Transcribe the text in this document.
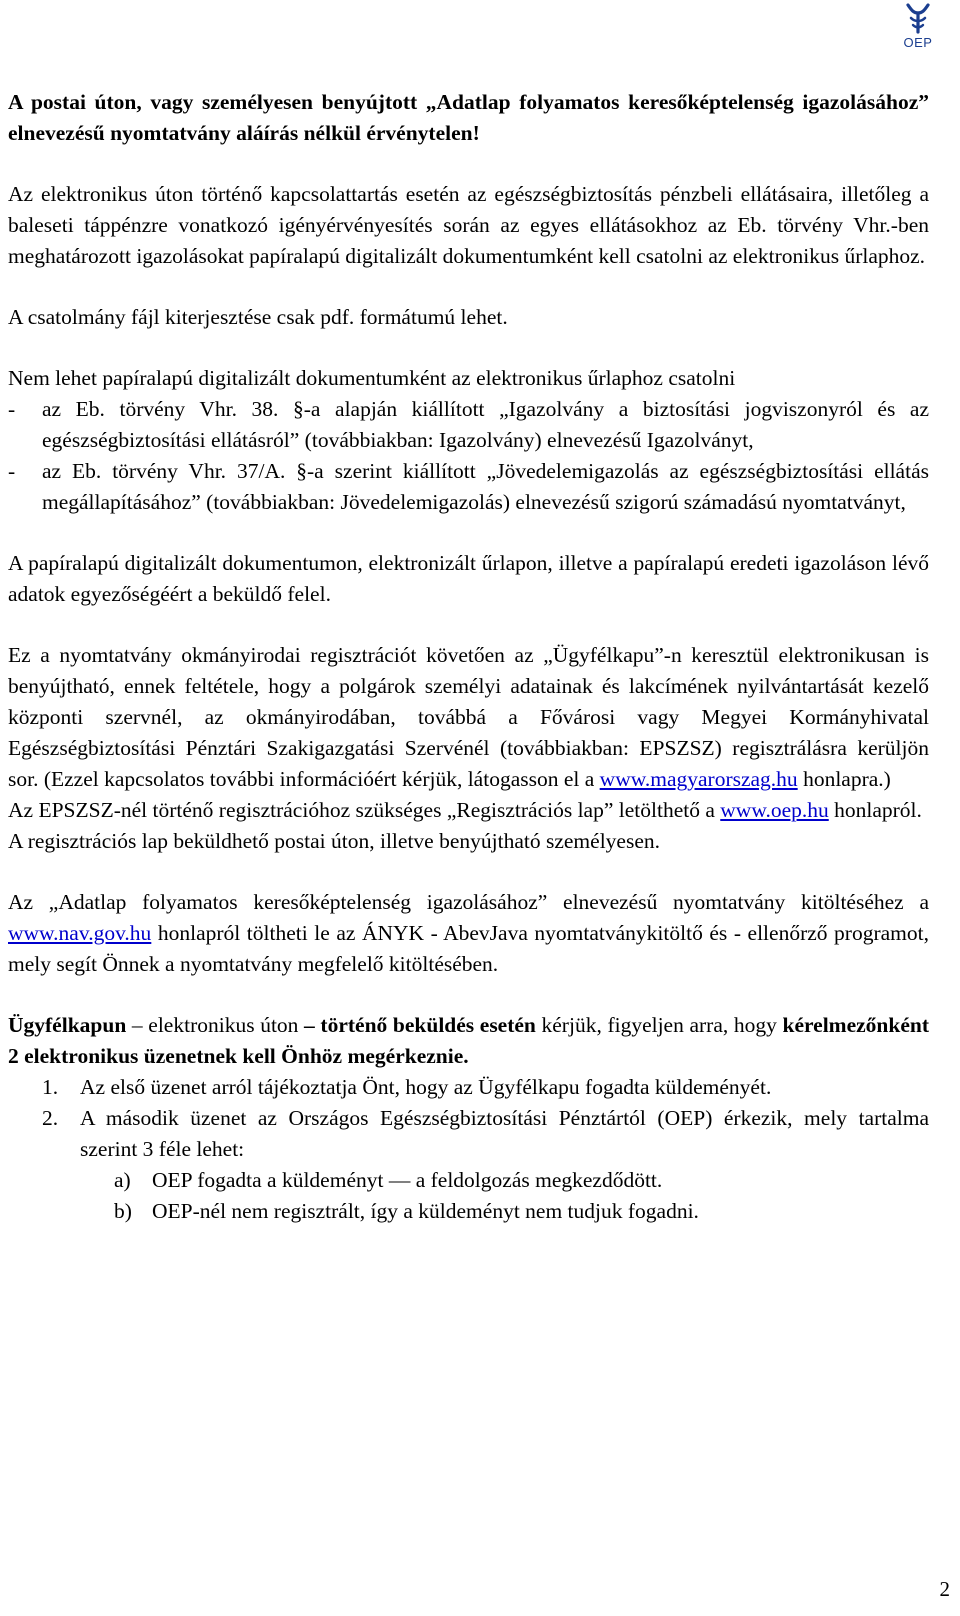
OEP

A postai úton, vagy személyesen benyújtott „Adatlap folyamatos keresőképtelenség igazolásához” elnevezésű nyomtatvány aláírás nélkül érvénytelen!

Az elektronikus úton történő kapcsolattartás esetén az egészségbiztosítás pénzbeli ellátásaira, illetőleg a baleseti táppénzre vonatkozó igényérvényesítés során az egyes ellátásokhoz az Eb. törvény Vhr.-ben meghatározott igazolásokat papíralapú digitalizált dokumentumként kell csatolni az elektronikus űrlaphoz.

A csatolmány fájl kiterjesztése csak pdf. formátumú lehet.

Nem lehet papíralapú digitalizált dokumentumként az elektronikus űrlaphoz csatolni

-	az Eb. törvény Vhr. 38. §-a alapján kiállított „Igazolvány a biztosítási jogviszonyról és az egészségbiztosítási ellátásról” (továbbiakban: Igazolvány) elnevezésű Igazolványt,
-	az Eb. törvény Vhr. 37/A. §-a szerint kiállított „Jövedelemigazolás az egészségbiztosítási ellátás megállapításához” (továbbiakban: Jövedelemigazolás) elnevezésű szigorú számadású nyomtatványt,

A papíralapú digitalizált dokumentumon, elektronizált űrlapon, illetve a papíralapú eredeti igazoláson lévő adatok egyezőségéért a beküldő felel.

Ez a nyomtatvány okmányirodai regisztrációt követően az „Ügyfélkapu”-n keresztül elektronikusan is benyújtható, ennek feltétele, hogy a polgárok személyi adatainak és lakcímének nyilvántartását kezelő központi szervnél, az okmányirodában, továbbá a Fővárosi vagy Megyei Kormányhivatal Egészségbiztosítási Pénztári Szakigazgatási Szervénél (továbbiakban: EPSZSZ) regisztrálásra kerüljön sor. (Ezzel kapcsolatos további információért kérjük, látogasson el a www.magyarorszag.hu honlapra.)

Az EPSZSZ-nél történő regisztrációhoz szükséges „Regisztrációs lap” letölthető a www.oep.hu honlapról.

A regisztrációs lap beküldhető postai úton, illetve benyújtható személyesen.

Az „Adatlap folyamatos keresőképtelenség igazolásához” elnevezésű nyomtatvány kitöltéséhez a www.nav.gov.hu honlapról töltheti le az ÁNYK - AbevJava nyomtatványkitöltő és - ellenőrző programot, mely segít Önnek a nyomtatvány megfelelő kitöltésében.

Ügyfélkapun – elektronikus úton – történő beküldés esetén kérjük, figyeljen arra, hogy kérelmezőnként 2 elektronikus üzenetnek kell Önhöz megérkeznie.

1.	Az első üzenet arról tájékoztatja Önt, hogy az Ügyfélkapu fogadta küldeményét.
2.	A második üzenet az Országos Egészségbiztosítási Pénztártól (OEP) érkezik, mely tartalma szerint 3 féle lehet:
a) OEP fogadta a küldeményt — a feldolgozás megkezdődött.
b) OEP-nél nem regisztrált, így a küldeményt nem tudjuk fogadni.
2
